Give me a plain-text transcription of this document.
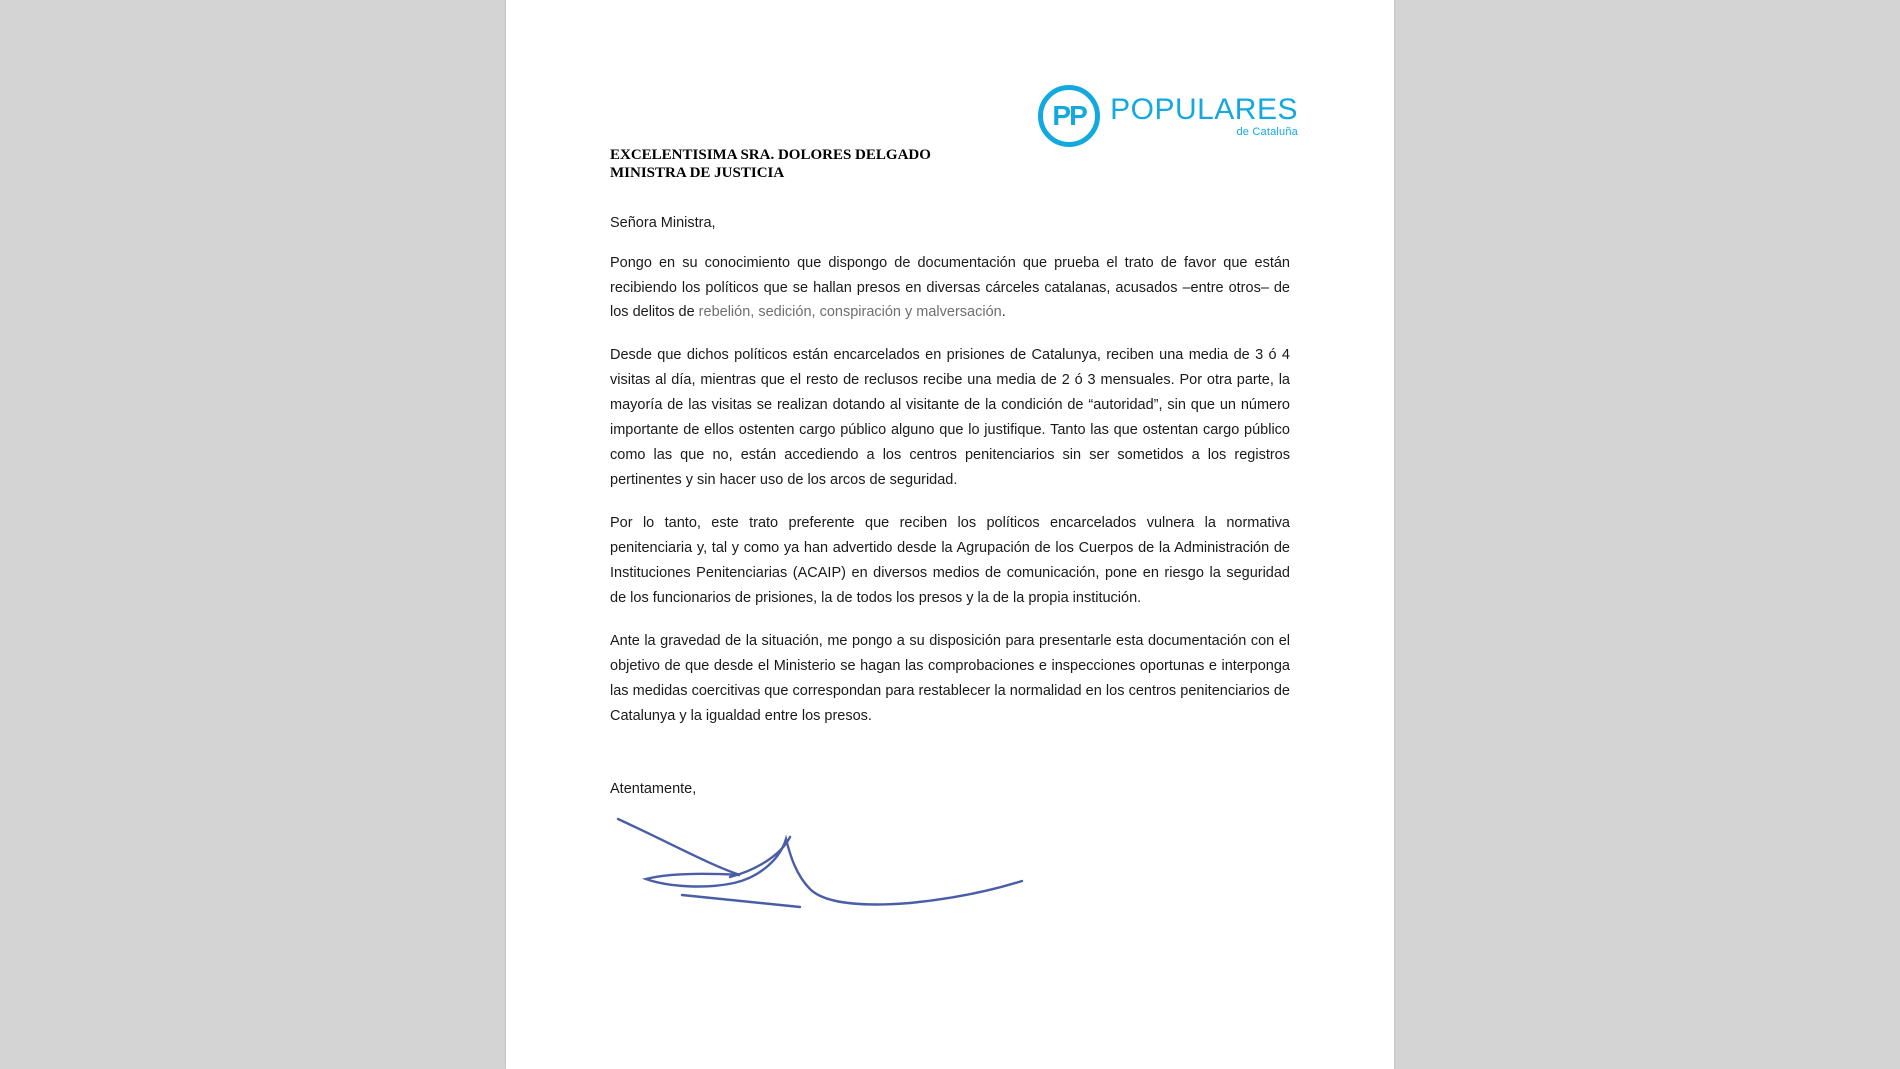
PP POPULARES
de Cataluña
EXCELENTISIMA SRA. DOLORES DELGADO
MINISTRA DE JUSTICIA
Señora Ministra,

Pongo en su conocimiento que dispongo de documentación que prueba el trato de favor que están recibiendo los políticos que se hallan presos en diversas cárceles catalanas, acusados –entre otros– de los delitos de rebelión, sedición, conspiración y malversación.

Desde que dichos políticos están encarcelados en prisiones de Catalunya, reciben una media de 3 ó 4 visitas al día, mientras que el resto de reclusos recibe una media de 2 ó 3 mensuales. Por otra parte, la mayoría de las visitas se realizan dotando al visitante de la condición de “autoridad”, sin que un número importante de ellos ostenten cargo público alguno que lo justifique. Tanto las que ostentan cargo público como las que no, están accediendo a los centros penitenciarios sin ser sometidos a los registros pertinentes y sin hacer uso de los arcos de seguridad.

Por lo tanto, este trato preferente que reciben los políticos encarcelados vulnera la normativa penitenciaria y, tal y como ya han advertido desde la Agrupación de los Cuerpos de la Administración de Instituciones Penitenciarias (ACAIP) en diversos medios de comunicación, pone en riesgo la seguridad de los funcionarios de prisiones, la de todos los presos y la de la propia institución.

Ante la gravedad de la situación, me pongo a su disposición para presentarle esta documentación con el objetivo de que desde el Ministerio se hagan las comprobaciones e inspecciones oportunas e interponga las medidas coercitivas que correspondan para restablecer la normalidad en los centros penitenciarios de Catalunya y la igualdad entre los presos.

Atentamente,
